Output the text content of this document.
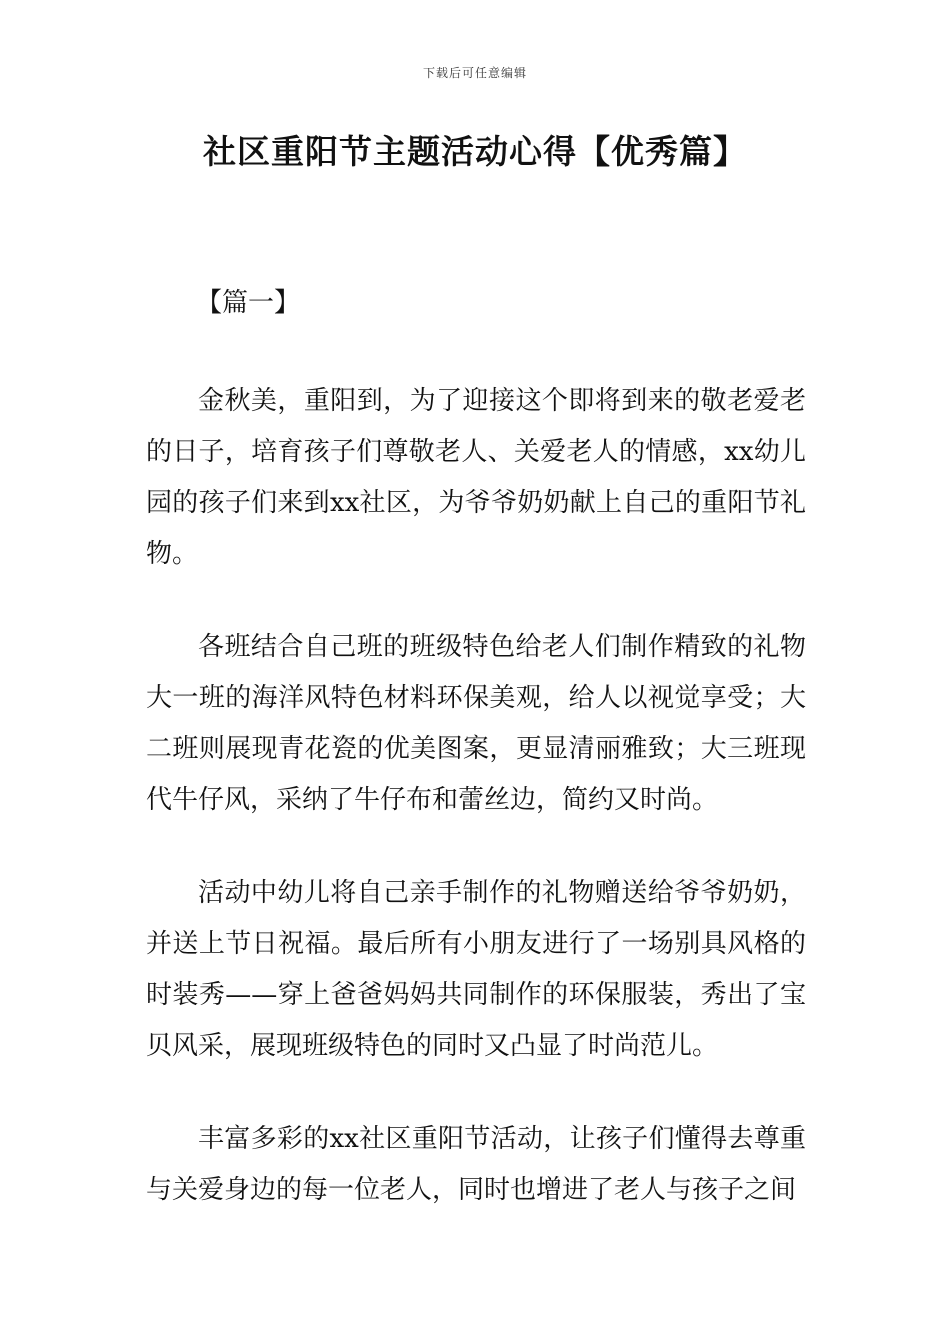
下载后可任意编辑
社区重阳节主题活动心得【优秀篇】
【篇一】

金秋美，重阳到，为了迎接这个即将到来的敬老爱老的日子，培育孩子们尊敬老人、关爱老人的情感，xx幼儿园的孩子们来到xx社区，为爷爷奶奶献上自己的重阳节礼物。

各班结合自己班的班级特色给老人们制作精致的礼物大一班的海洋风特色材料环保美观，给人以视觉享受；大二班则展现青花瓷的优美图案，更显清丽雅致；大三班现代牛仔风，采纳了牛仔布和蕾丝边，简约又时尚。

活动中幼儿将自己亲手制作的礼物赠送给爷爷奶奶，并送上节日祝福。最后所有小朋友进行了一场别具风格的时装秀——穿上爸爸妈妈共同制作的环保服装，秀出了宝贝风采，展现班级特色的同时又凸显了时尚范儿。

丰富多彩的xx社区重阳节活动，让孩子们懂得去尊重与关爱身边的每一位老人，同时也增进了老人与孩子之间
